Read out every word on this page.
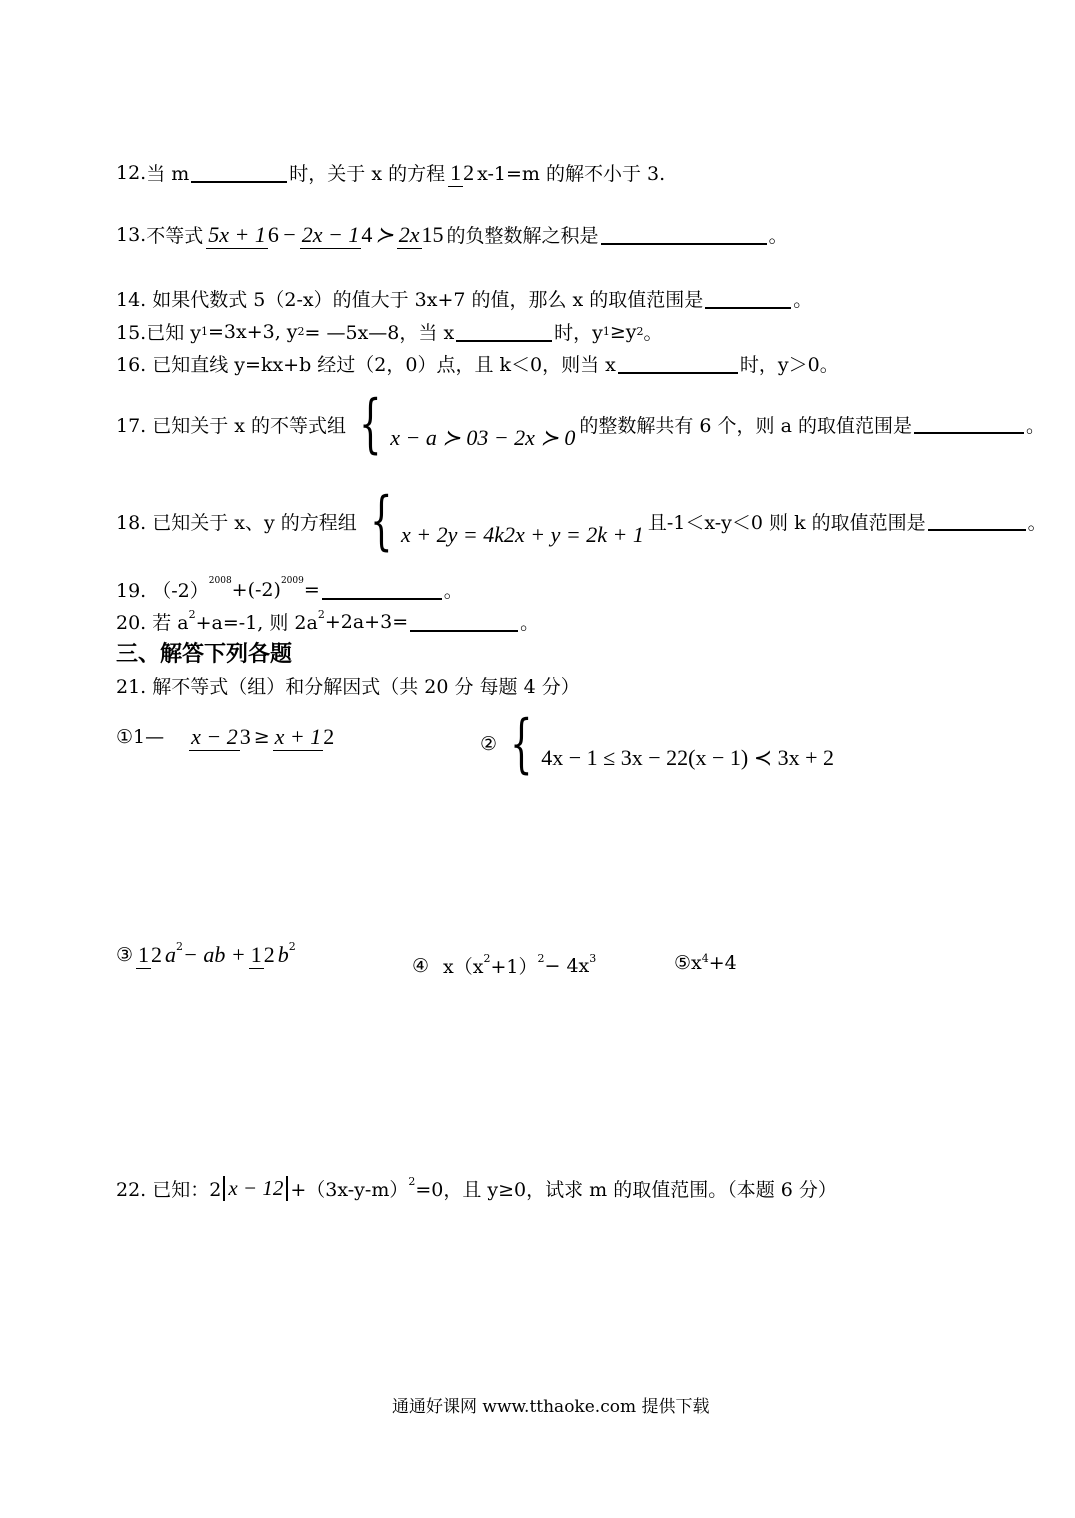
12. 当 m	时，关于 x 的方程 12 x-1=m 的解不小于 3.
13. 不等式 5x + 16 − 2x − 14 ≻ 2x15 的负整数解之积是	。
14. 如果代数式 5（2-x）的值大于 3x+7 的值，那么 x 的取值范围是	。
15.已知 y 1 =3x+3, y 2 = —5x—8，当 x	时，y 1 ≥y 2 。
16. 已知直线 y=kx+b 经过（2，0）点，且 k＜0，则当 x	时，y＞0。
17. 已知关于 x 的不等式组 { x − a ≻ 03 − 2x ≻ 0 的整数解共有 6 个，则 a 的取值范围是	。
18. 已知关于 x、y 的方程组 { x + 2y = 4k2x + y = 2k + 1 且-1＜x-y＜0 则 k 的取值范围是	。
19. $(-2)^{2008} +(-2)^{2009}$ =	。
20. 若 $a^2 +a=-1$, 则 $2a^2 +2a+3=$	。
三、解答下列各题
21. 解不等式（组）和分解因式（共 20 分 每题 4 分）
①1— x − 23 ≥ x + 12	② { 4x − 1 ≤ 3x − 22(x − 1) ≺ 3x + 2
③ 12 $a^2$ − ab + 12 $b^2$
④ $x(x^2 +1)^2 - 4x^3$	⑤ $x^4 +4$
22. 已知：2 $x - 12 +(3x-y-m)^2 =0$，且 y≥0，试求 m 的取值范围。（本题 6 分）
通通好课网 www.tthaoke.com 提供下载
